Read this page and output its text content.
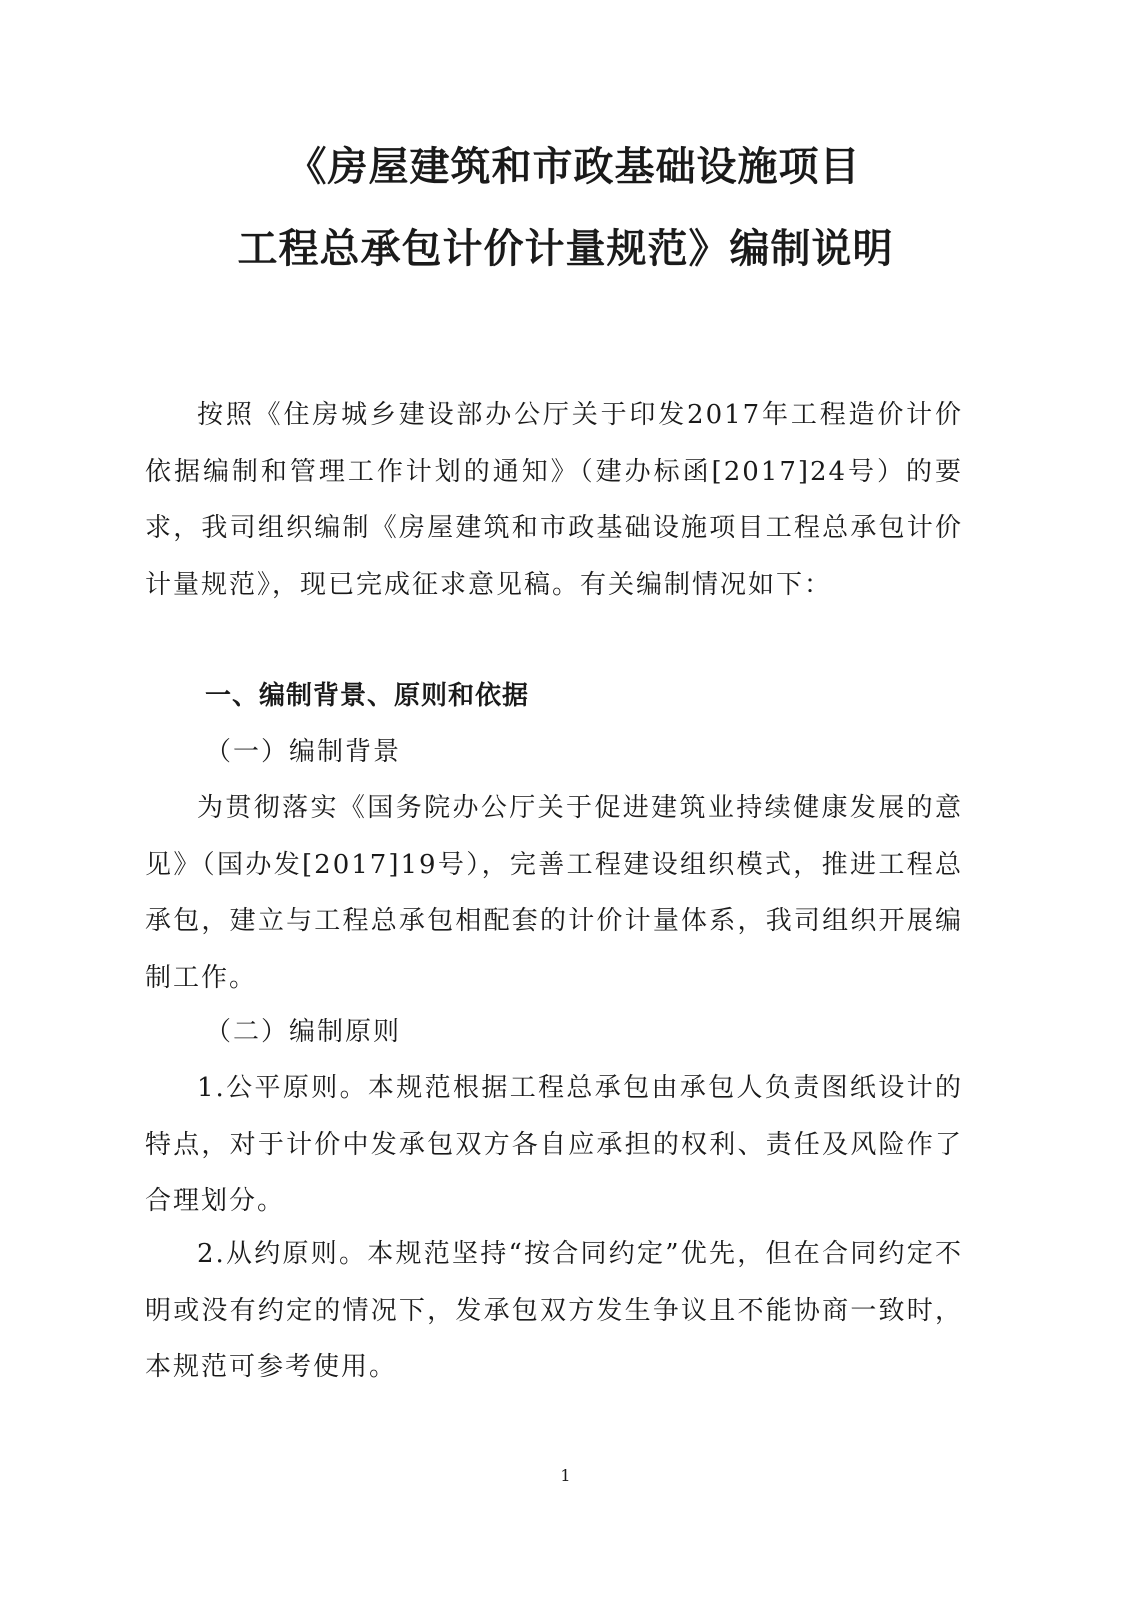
《房屋建筑和市政基础设施项目
工程总承包计价计量规范》编制说明

按照《住房城乡建设部办公厅关于印发2017年工程造价计价依据编制和管理工作计划的通知》（建办标函[2017]24号）的要求，我司组织编制《房屋建筑和市政基础设施项目工程总承包计价计量规范》，现已完成征求意见稿。有关编制情况如下：

一、编制背景、原则和依据

（一）编制背景

为贯彻落实《国务院办公厅关于促进建筑业持续健康发展的意见》（国办发[2017]19号），完善工程建设组织模式，推进工程总承包，建立与工程总承包相配套的计价计量体系，我司组织开展编制工作。

（二）编制原则

1.公平原则。本规范根据工程总承包由承包人负责图纸设计的特点，对于计价中发承包双方各自应承担的权利、责任及风险作了合理划分。

2.从约原则。本规范坚持“按合同约定”优先，但在合同约定不明或没有约定的情况下，发承包双方发生争议且不能协商一致时，本规范可参考使用。

1
